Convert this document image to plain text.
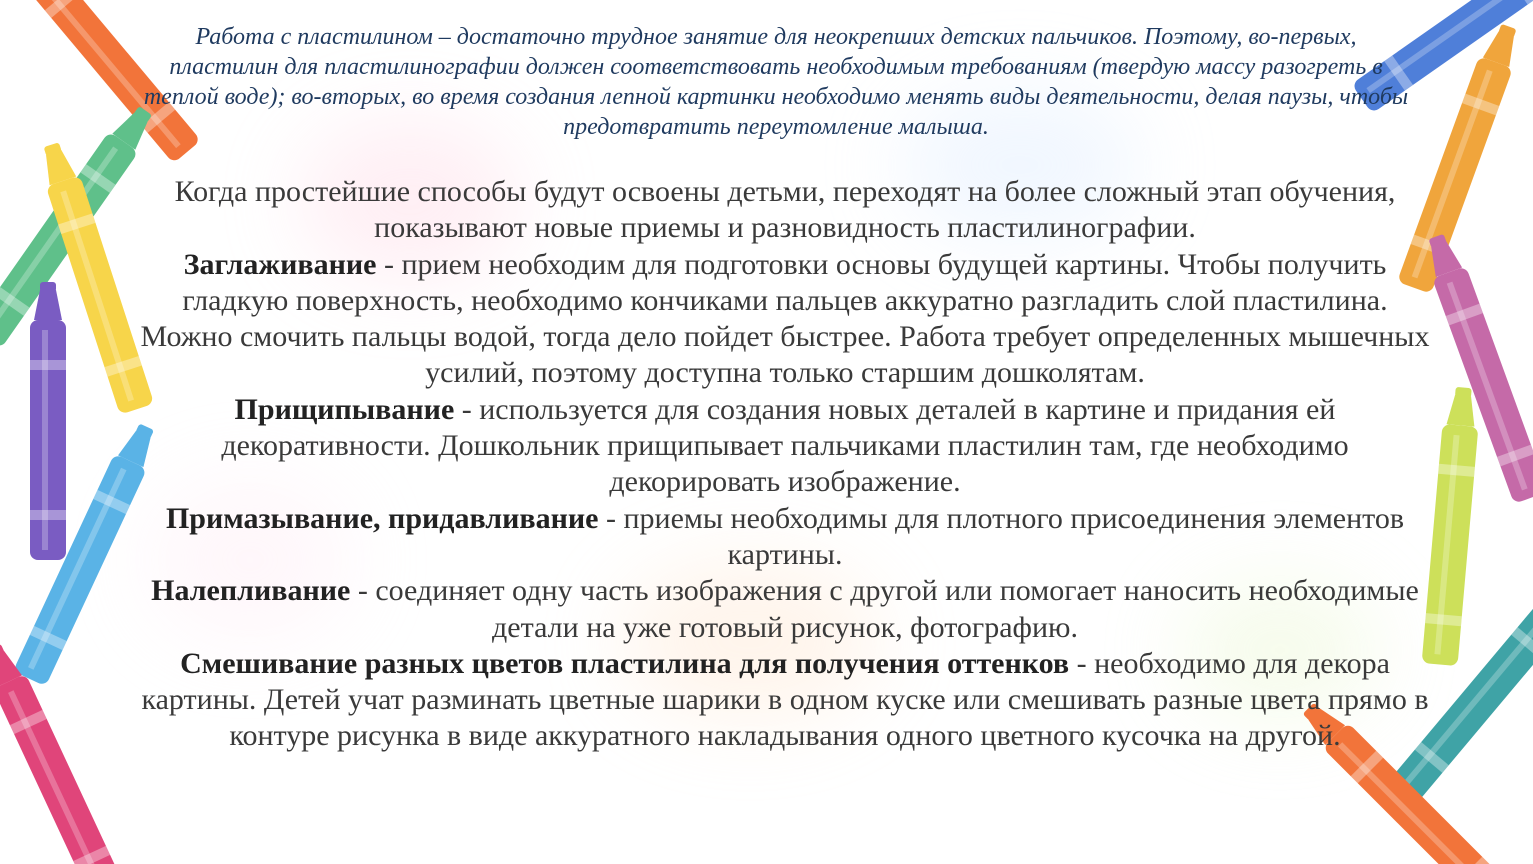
Работа с пластилином – достаточно трудное занятие для неокрепших детских пальчиков. Поэтому, во-первых, пластилин для пластилинографии должен соответствовать необходимым требованиям (твердую массу разогреть в теплой воде); во-вторых, во время создания лепной картинки необходимо менять виды деятельности, делая паузы, чтобы предотвратить переутомление малыша.

Когда простейшие способы будут освоены детьми, переходят на более сложный этап обучения, показывают новые приемы и разновидность пластилинографии.

Заглаживание - прием необходим для подготовки основы будущей картины. Чтобы получить гладкую поверхность, необходимо кончиками пальцев аккуратно разгладить слой пластилина. Можно смочить пальцы водой, тогда дело пойдет быстрее. Работа требует определенных мышечных усилий, поэтому доступна только старшим дошколятам.

Прищипывание - используется для создания новых деталей в картине и придания ей декоративности. Дошкольник прищипывает пальчиками пластилин там, где необходимо декорировать изображение.

Примазывание, придавливание - приемы необходимы для плотного присоединения элементов картины.

Налепливание - соединяет одну часть изображения с другой или помогает наносить необходимые детали на уже готовый рисунок, фотографию.

Смешивание разных цветов пластилина для получения оттенков - необходимо для декора картины. Детей учат разминать цветные шарики в одном куске или смешивать разные цвета прямо в контуре рисунка в виде аккуратного накладывания одного цветного кусочка на другой.
